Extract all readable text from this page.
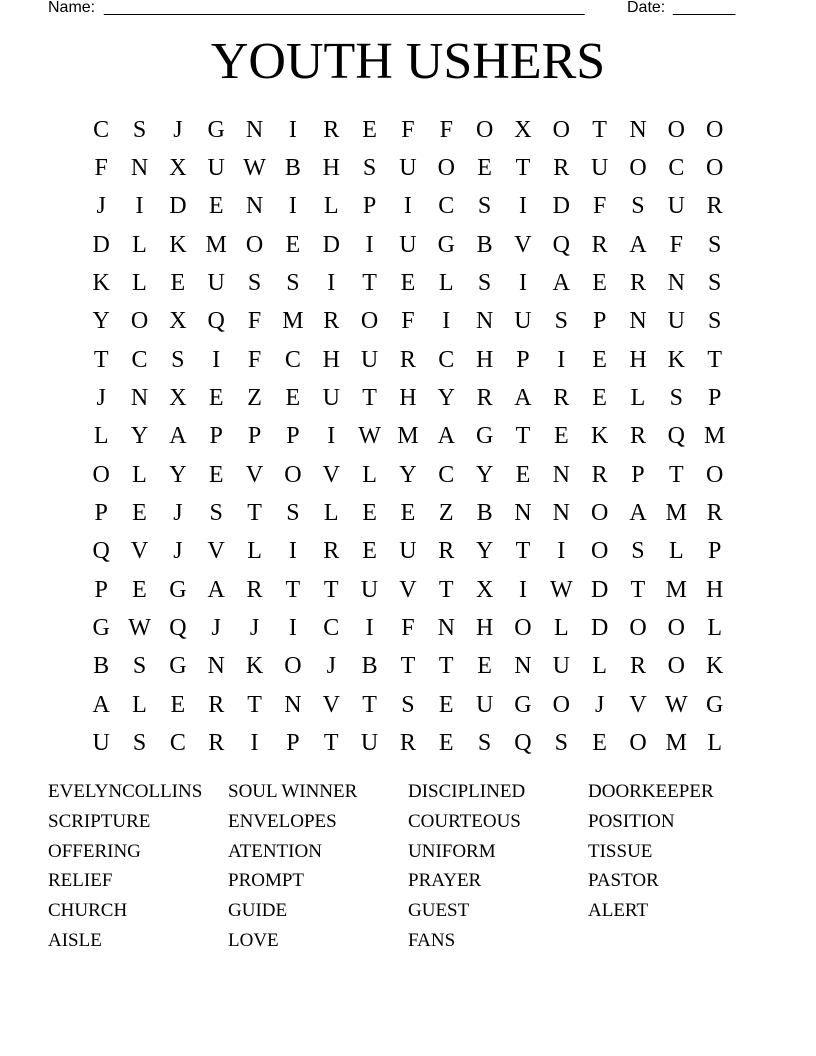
Name: ______________________________________________________	Date: _______
YOUTH USHERS
C S	J	G N	I	R E	F	F O X O T N O O
F N X U W B H S U O E T R U O C O
J	I	D E N	I	L	P	I	C S	I	D F	S U R
D L K M O E D	I	U G B V Q R A F	S
K L E U S	S	I	T E L	S	I	A E R N S
Y O X Q F M R O F	I	N U S	P N U S
T C S	I	F C H U R C H P	I	E H K T
J	N X E Z E U T H Y R A R E L	S	P
L Y A P	P	P	I W M A G T E K R Q M
O L Y E V O V L Y C Y E N R P	T O
P	E	J	S	T	S	L E E Z B N N O A M R
Q V	J	V L	I	R E U R Y T	I	O S	L	P
P	E G A R T T U V T X	I W D T M H
G W Q	J	J	I	C	I	F N H O L D O O L
B S G N K O	J	B T T E N U L R O K
A L E R T N V T	S	E U G O	J	V W G
U S C R	I	P	T U R E	S Q S	E O M L
EVELYNCOLLINS	SOUL WINNER	DISCIPLINED	DOORKEEPER
SCRIPTURE	ENVELOPES	COURTEOUS	POSITION
OFFERING	ATENTION	UNIFORM	TISSUE
RELIEF	PROMPT	PRAYER	PASTOR
CHURCH	GUIDE	GUEST	ALERT
AISLE	LOVE	FANS
